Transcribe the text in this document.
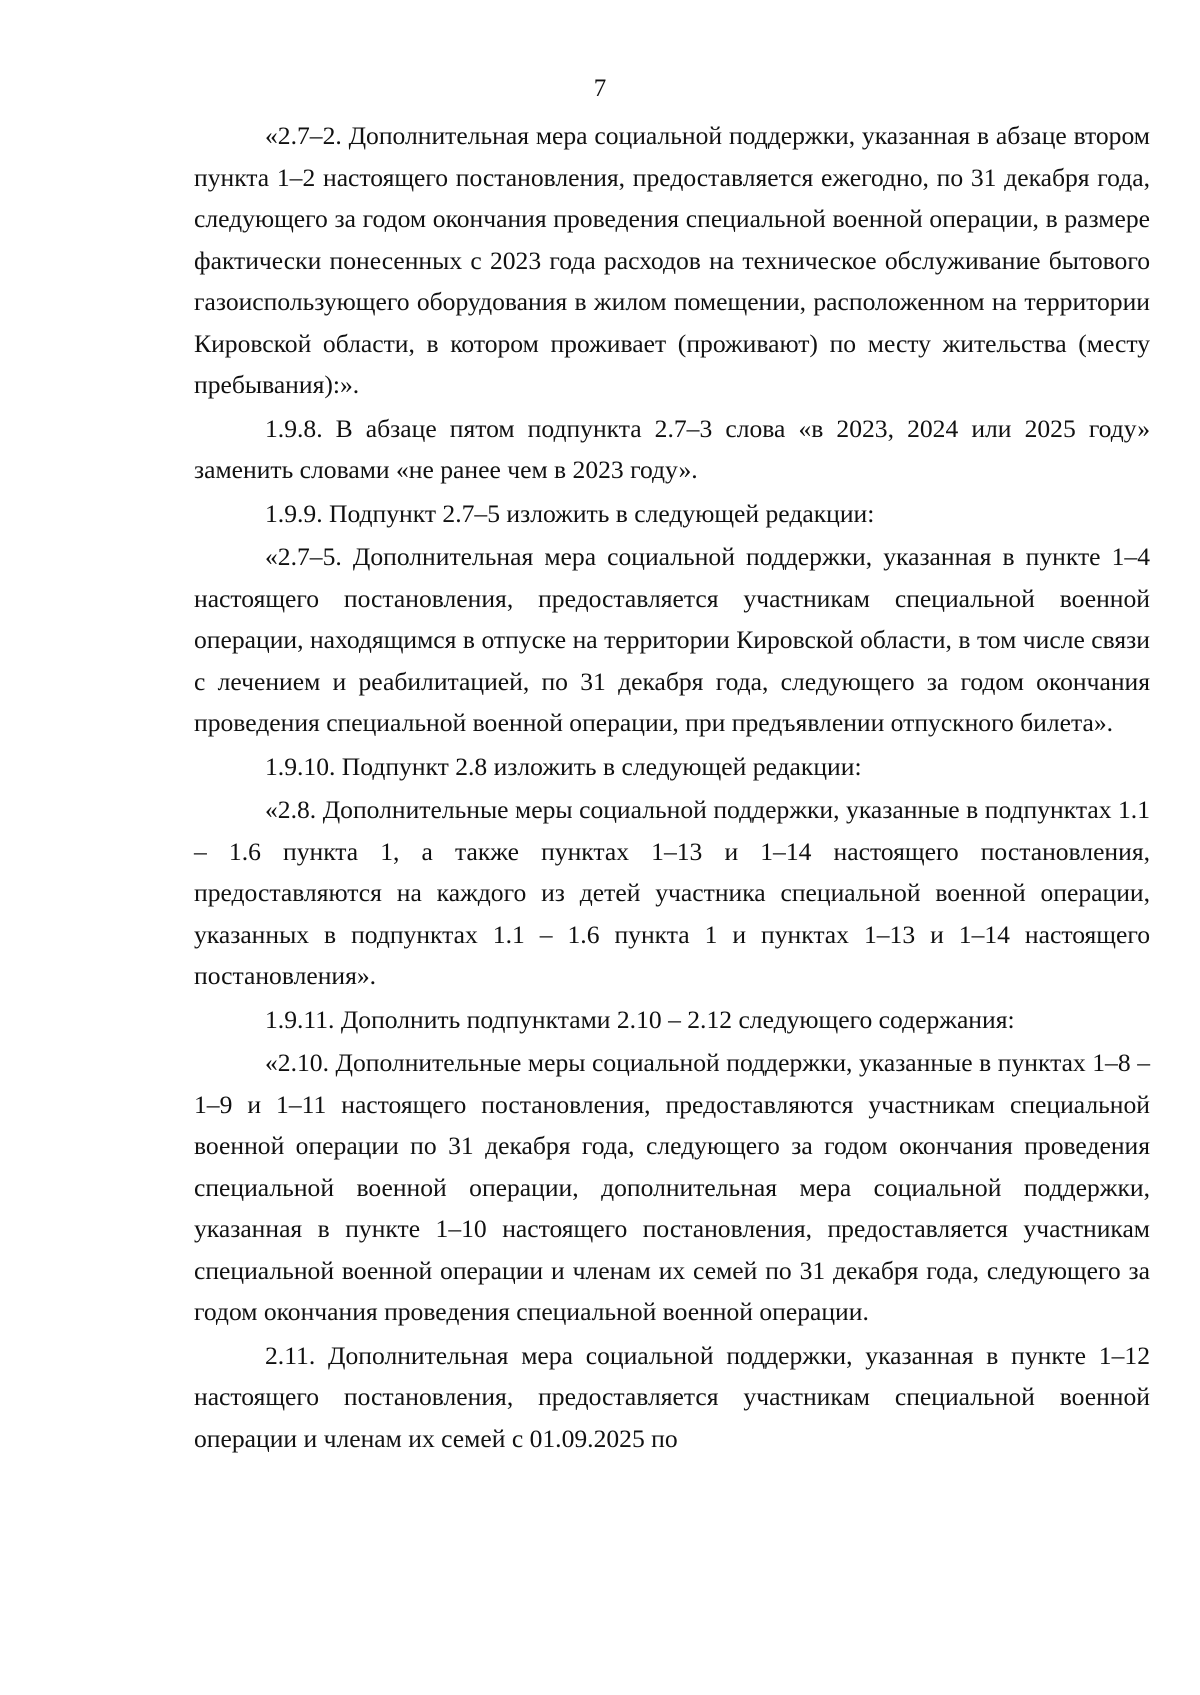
7

«2.7–2. Дополнительная мера социальной поддержки, указанная в абзаце втором пункта 1–2 настоящего постановления, предоставляется ежегодно, по 31 декабря года, следующего за годом окончания проведения специальной военной операции, в размере фактически понесенных с 2023 года расходов на техническое обслуживание бытового газоиспользующего оборудования в жилом помещении, расположенном на территории Кировской области, в котором проживает (проживают) по месту жительства (месту пребывания):».

1.9.8. В абзаце пятом подпункта 2.7–3 слова «в 2023, 2024 или 2025 году» заменить словами «не ранее чем в 2023 году».

1.9.9. Подпункт 2.7–5 изложить в следующей редакции:

«2.7–5. Дополнительная мера социальной поддержки, указанная в пункте 1–4 настоящего постановления, предоставляется участникам специальной военной операции, находящимся в отпуске на территории Кировской области, в том числе связи с лечением и реабилитацией, по 31 декабря года, следующего за годом окончания проведения специальной военной операции, при предъявлении отпускного билета».

1.9.10. Подпункт 2.8 изложить в следующей редакции:

«2.8. Дополнительные меры социальной поддержки, указанные в подпунктах 1.1 – 1.6 пункта 1, а также пунктах 1–13 и 1–14 настоящего постановления, предоставляются на каждого из детей участника специальной военной операции, указанных в подпунктах 1.1 – 1.6 пункта 1 и пунктах 1–13 и 1–14 настоящего постановления».

1.9.11. Дополнить подпунктами 2.10 – 2.12 следующего содержания:

«2.10. Дополнительные меры социальной поддержки, указанные в пунктах 1–8 – 1–9 и 1–11 настоящего постановления, предоставляются участникам специальной военной операции по 31 декабря года, следующего за годом окончания проведения специальной военной операции, дополнительная мера социальной поддержки, указанная в пункте 1–10 настоящего постановления, предоставляется участникам специальной военной операции и членам их семей по 31 декабря года, следующего за годом окончания проведения специальной военной операции.

2.11. Дополнительная мера социальной поддержки, указанная в пункте 1–12 настоящего постановления, предоставляется участникам специальной военной операции и членам их семей с 01.09.2025 по
